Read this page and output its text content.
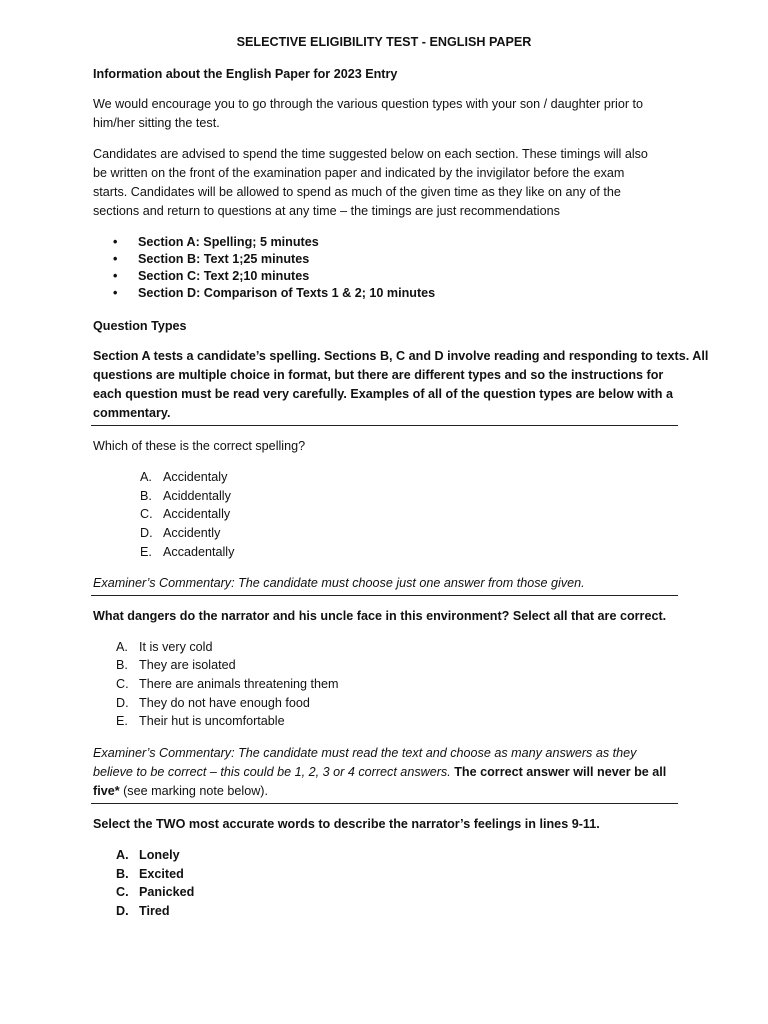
SELECTIVE ELIGIBILITY TEST - ENGLISH PAPER

Information about the English Paper for 2023 Entry

We would encourage you to go through the various question types with your son / daughter prior to

him/her sitting the test.

Candidates are advised to spend the time suggested below on each section. These timings will also

be written on the front of the examination paper and indicated by the invigilator before the exam

starts. Candidates will be allowed to spend as much of the given time as they like on any of the

sections and return to questions at any time – the timings are just recommendations

• Section A: Spelling; 5 minutes
• Section B: Text 1;25 minutes
• Section C: Text 2;10 minutes
• Section D: Comparison of Texts 1 & 2; 10 minutes

Question Types

Section A tests a candidate’s spelling. Sections B, C and D involve reading and responding to texts. All

questions are multiple choice in format, but there are different types and so the instructions for

each question must be read very carefully. Examples of all of the question types are below with a

commentary.

Which of these is the correct spelling?

A. Accidentaly
B. Aciddentally
C. Accidentally
D. Accidently
E. Accadentally

Examiner’s Commentary: The candidate must choose just one answer from those given.

What dangers do the narrator and his uncle face in this environment? Select all that are correct.

A. It is very cold
B. They are isolated
C. There are animals threatening them
D. They do not have enough food
E. Their hut is uncomfortable

Examiner’s Commentary: The candidate must read the text and choose as many answers as they

believe to be correct – this could be 1, 2, 3 or 4 correct answers. The correct answer will never be all

five* (see marking note below).

Select the TWO most accurate words to describe the narrator’s feelings in lines 9-11.

A. Lonely
B. Excited
C. Panicked
D. Tired
